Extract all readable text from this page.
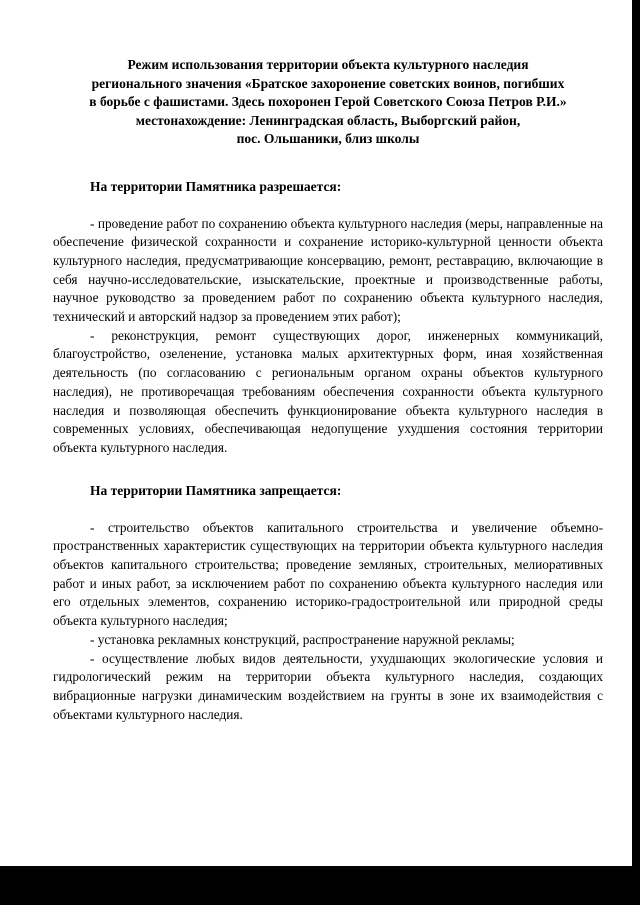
Режим использования территории объекта культурного наследия
регионального значения «Братское захоронение советских воинов, погибших
в борьбе с фашистами. Здесь похоронен Герой Советского Союза Петров Р.И.»
местонахождение: Ленинградская область, Выборгский район,
пос. Ольшаники, близ школы
На территории Памятника разрешается:

- проведение работ по сохранению объекта культурного наследия (меры, направленные на обеспечение физической сохранности и сохранение историко-культурной ценности объекта культурного наследия, предусматривающие консервацию, ремонт, реставрацию, включающие в себя научно-исследовательские, изыскательские, проектные и производственные работы, научное руководство за проведением работ по сохранению объекта культурного наследия, технический и авторский надзор за проведением этих работ);

- реконструкция, ремонт существующих дорог, инженерных коммуникаций, благоустройство, озеленение, установка малых архитектурных форм, иная хозяйственная деятельность (по согласованию с региональным органом охраны объектов культурного наследия), не противоречащая требованиям обеспечения сохранности объекта культурного наследия и позволяющая обеспечить функционирование объекта культурного наследия в современных условиях, обеспечивающая недопущение ухудшения состояния территории объекта культурного наследия.

На территории Памятника запрещается:

- строительство объектов капитального строительства и увеличение объемно-пространственных характеристик существующих на территории объекта культурного наследия объектов капитального строительства; проведение земляных, строительных, мелиоративных работ и иных работ, за исключением работ по сохранению объекта культурного наследия или его отдельных элементов, сохранению историко-градостроительной или природной среды объекта культурного наследия;

- установка рекламных конструкций, распространение наружной рекламы;

- осуществление любых видов деятельности, ухудшающих экологические условия и гидрологический режим на территории объекта культурного наследия, создающих вибрационные нагрузки динамическим воздействием на грунты в зоне их взаимодействия с объектами культурного наследия.
